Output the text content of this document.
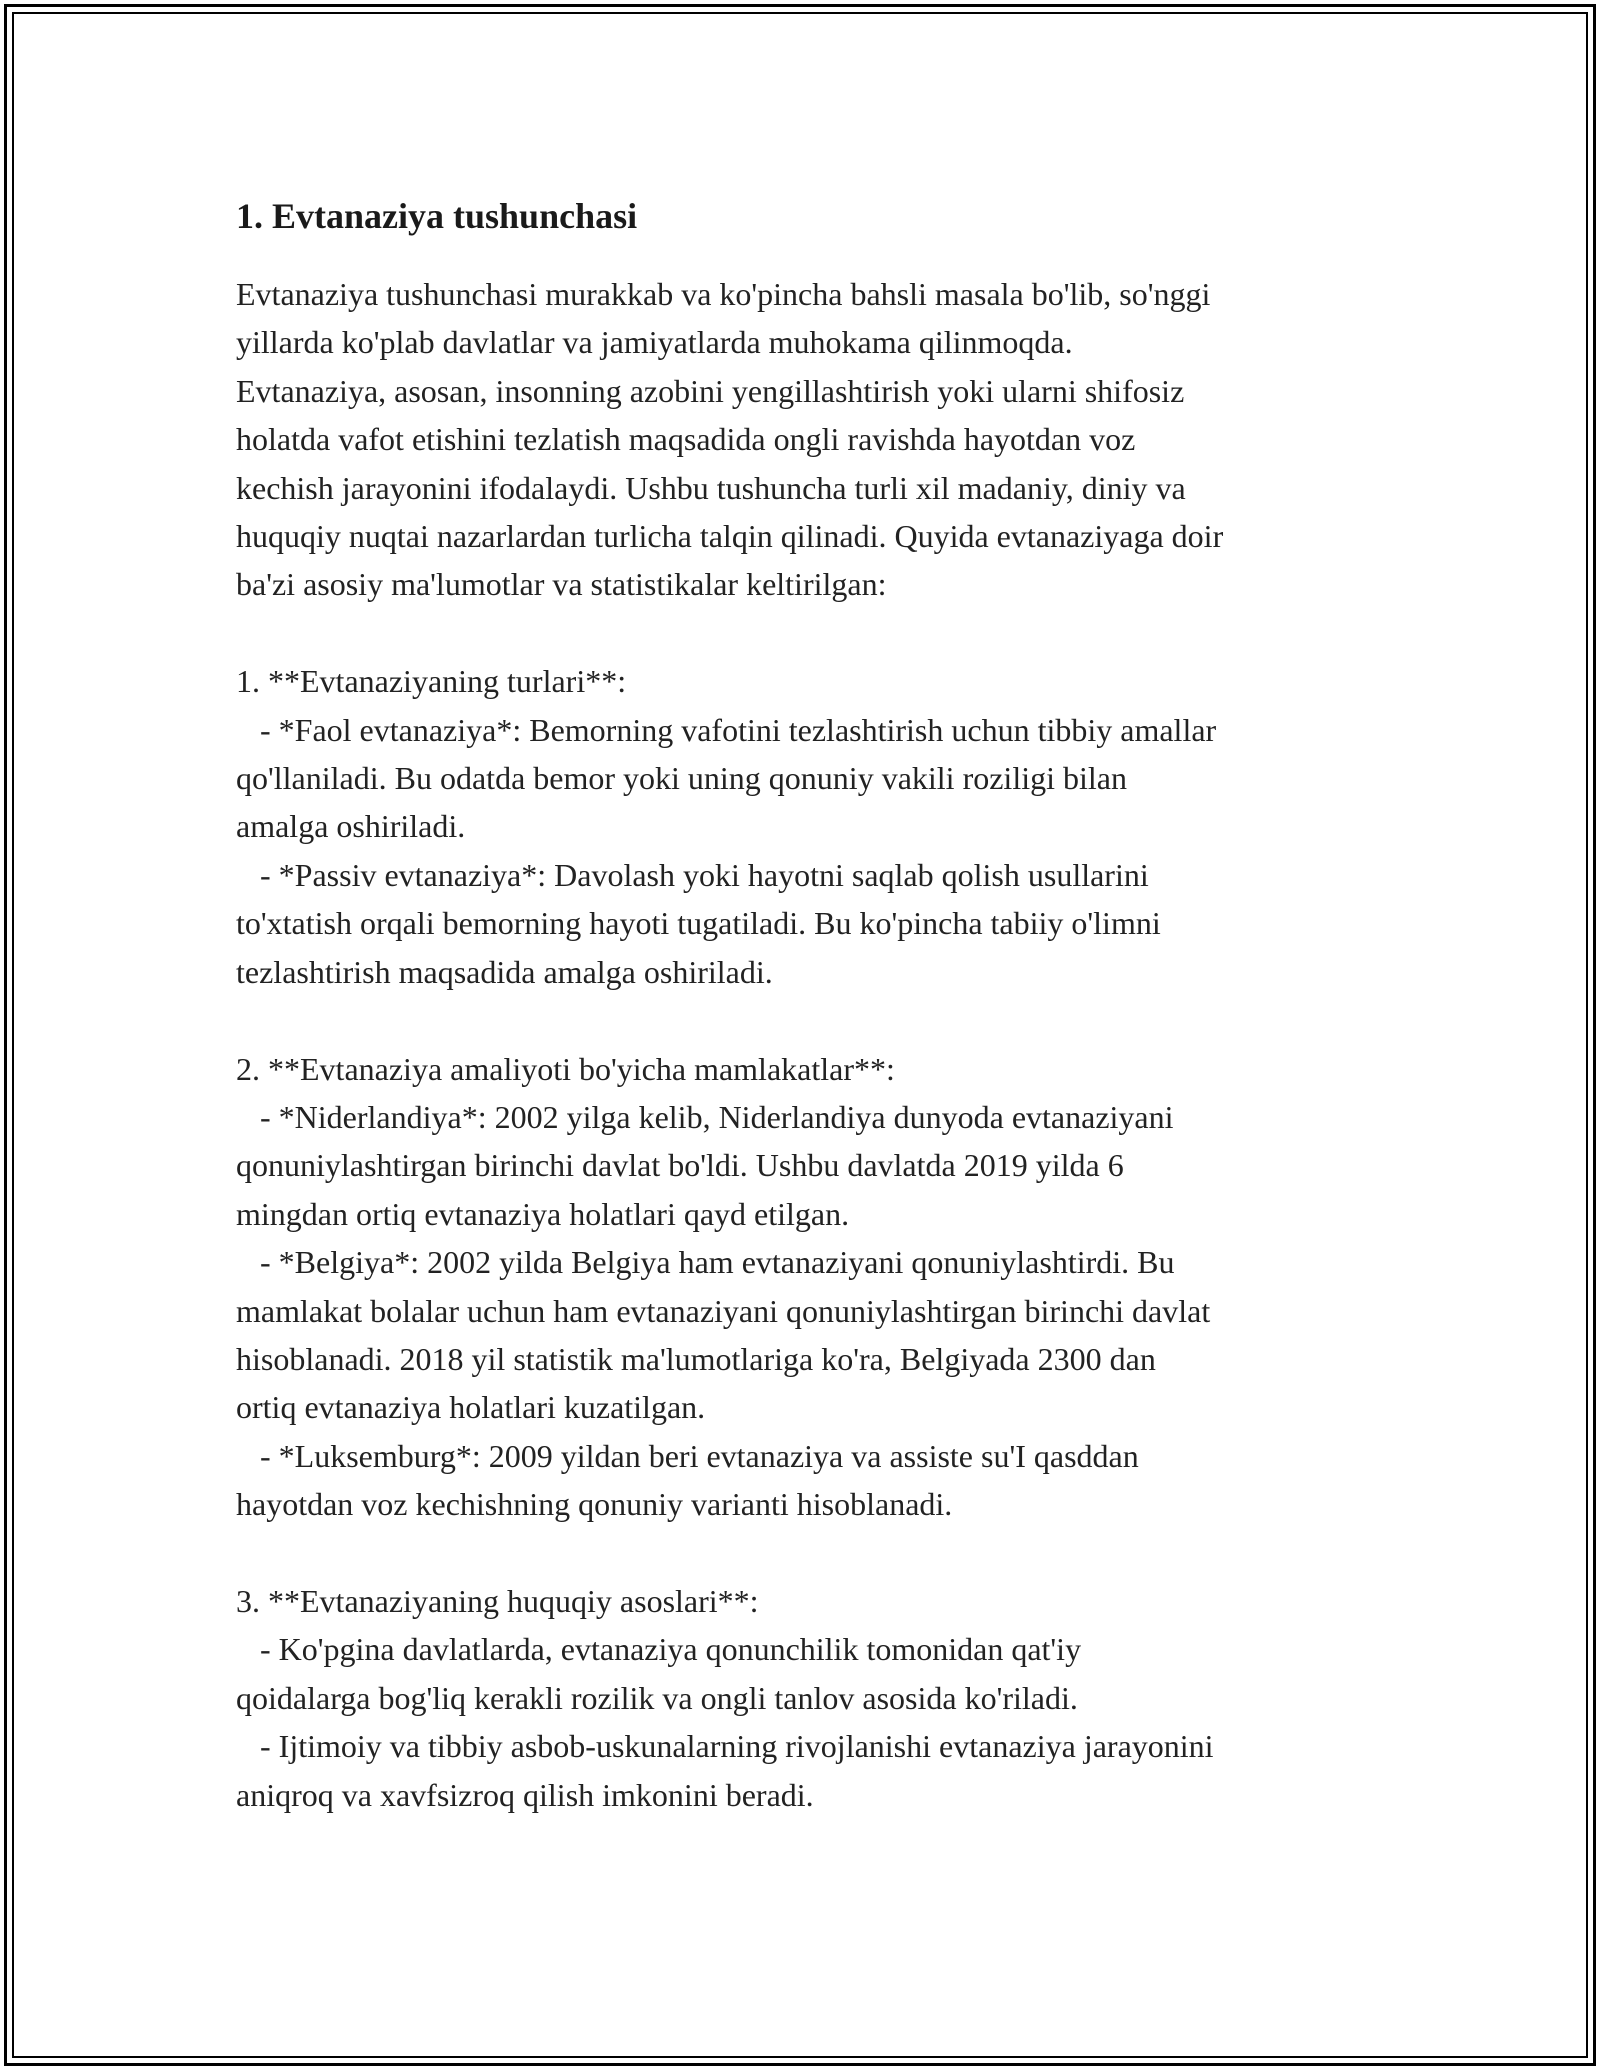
1. Evtanaziya tushunchasi

Evtanaziya tushunchasi murakkab va ko'pincha bahsli masala bo'lib, so'nggi
yillarda ko'plab davlatlar va jamiyatlarda muhokama qilinmoqda.
Evtanaziya, asosan, insonning azobini yengillashtirish yoki ularni shifosiz
holatda vafot etishini tezlatish maqsadida ongli ravishda hayotdan voz
kechish jarayonini ifodalaydi. Ushbu tushuncha turli xil madaniy, diniy va
huquqiy nuqtai nazarlardan turlicha talqin qilinadi. Quyida evtanaziyaga doir
ba'zi asosiy ma'lumotlar va statistikalar keltirilgan:

1. **Evtanaziyaning turlari**:
- *Faol evtanaziya*: Bemorning vafotini tezlashtirish uchun tibbiy amallar
qo'llaniladi. Bu odatda bemor yoki uning qonuniy vakili roziligi bilan
amalga oshiriladi.
- *Passiv evtanaziya*: Davolash yoki hayotni saqlab qolish usullarini
to'xtatish orqali bemorning hayoti tugatiladi. Bu ko'pincha tabiiy o'limni
tezlashtirish maqsadida amalga oshiriladi.

2. **Evtanaziya amaliyoti bo'yicha mamlakatlar**:
- *Niderlandiya*: 2002 yilga kelib, Niderlandiya dunyoda evtanaziyani
qonuniylashtirgan birinchi davlat bo'ldi. Ushbu davlatda 2019 yilda 6
mingdan ortiq evtanaziya holatlari qayd etilgan.
- *Belgiya*: 2002 yilda Belgiya ham evtanaziyani qonuniylashtirdi. Bu
mamlakat bolalar uchun ham evtanaziyani qonuniylashtirgan birinchi davlat
hisoblanadi. 2018 yil statistik ma'lumotlariga ko'ra, Belgiyada 2300 dan
ortiq evtanaziya holatlari kuzatilgan.
- *Luksemburg*: 2009 yildan beri evtanaziya va assiste su'I qasddan
hayotdan voz kechishning qonuniy varianti hisoblanadi.

3. **Evtanaziyaning huquqiy asoslari**:
- Ko'pgina davlatlarda, evtanaziya qonunchilik tomonidan qat'iy
qoidalarga bog'liq kerakli rozilik va ongli tanlov asosida ko'riladi.
- Ijtimoiy va tibbiy asbob-uskunalarning rivojlanishi evtanaziya jarayonini
aniqroq va xavfsizroq qilish imkonini beradi.
